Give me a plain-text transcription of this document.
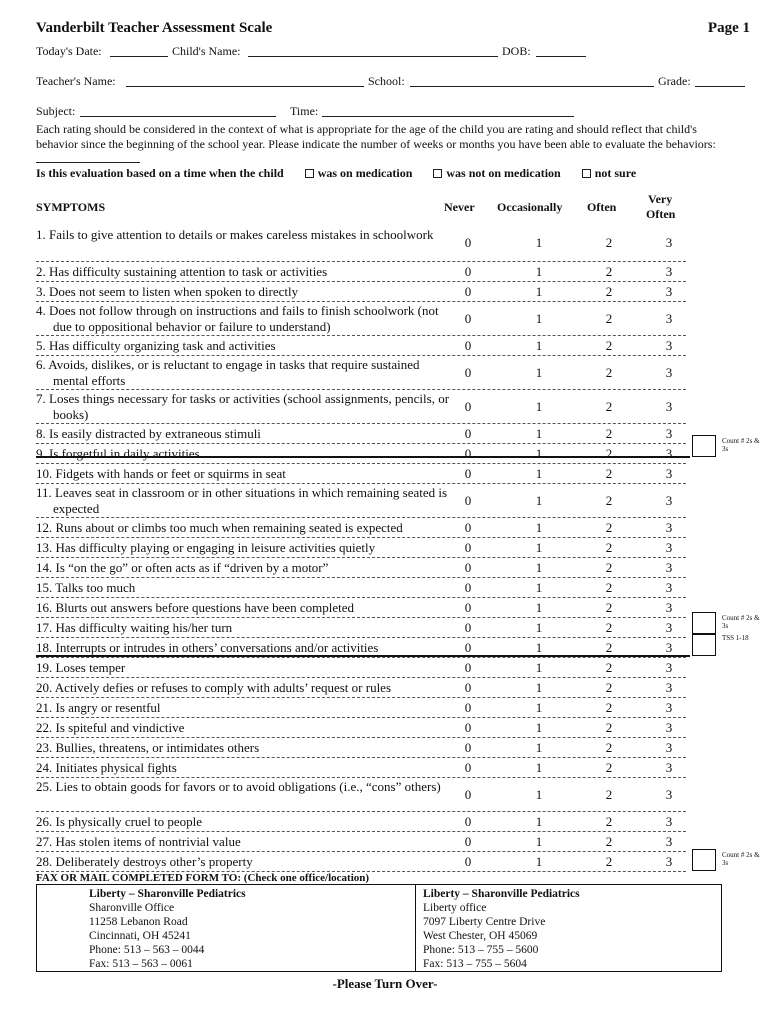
Vanderbilt Teacher Assessment Scale	Page 1
Today's Date:	Child's Name:	DOB:
Teacher's Name:	School:	Grade:
Subject:	Time:
Each rating should be considered in the context of what is appropriate for the age of the child you are rating and should reflect that child's behavior since the beginning of the school year. Please indicate the number of weeks or months you have been able to evaluate the behaviors:
Is this evaluation based on a time when the child	was on medication	was not on medication	not sure
SYMPTOMS	Never Occasionally Often
Very
Often
1. Fails to give attention to details or makes careless mistakes in schoolwork
0	1	2	3
2. Has difficulty sustaining attention to task or activities	0	1	2	3
3. Does not seem to listen when spoken to directly	0	1	2	3
4. Does not follow through on instructions and fails to finish schoolwork (not due to oppositional behavior or failure to understand)
0	1	2	3
5. Has difficulty organizing task and activities	0	1	2	3
6. Avoids, dislikes, or is reluctant to engage in tasks that require sustained mental efforts
0	1	2	3
7. Loses things necessary for tasks or activities (school assignments, pencils, or books)
0	1	2	3
8. Is easily distracted by extraneous stimuli	0	1	2	3
9. Is forgetful in daily activities	0	1	2	3
10. Fidgets with hands or feet or squirms in seat	0	1	2	3
11. Leaves seat in classroom or in other situations in which remaining seated is expected
0	1	2	3
12. Runs about or climbs too much when remaining seated is expected	0	1	2	3
13. Has difficulty playing or engaging in leisure activities quietly	0	1	2	3
14. Is “on the go” or often acts as if “driven by a motor”	0	1	2	3
15. Talks too much	0	1	2	3
16. Blurts out answers before questions have been completed	0	1	2	3
17. Has difficulty waiting his/her turn	0	1	2	3
18. Interrupts or intrudes in others’ conversations and/or activities	0	1	2	3
19. Loses temper	0	1	2	3
20. Actively defies or refuses to comply with adults’ request or rules	0	1	2	3
21. Is angry or resentful	0	1	2	3
22. Is spiteful and vindictive	0	1	2	3
23. Bullies, threatens, or intimidates others	0	1	2	3
24. Initiates physical fights	0	1	2	3
25. Lies to obtain goods for favors or to avoid obligations (i.e., “cons” others)
0	1	2	3
26. Is physically cruel to people	0	1	2	3
27. Has stolen items of nontrivial value	0	1	2	3
28. Deliberately destroys other’s property	0	1	2	3
Count # 2s & 3s
Count # 2s & 3s
TSS 1-18
Count # 2s & 3s
FAX OR MAIL COMPLETED FORM TO: (Check one office/location)
Liberty – Sharonville Pediatrics
Sharonville Office
11258 Lebanon Road
Cincinnati, OH 45241
Phone: 513 – 563 – 0044
Fax: 513 – 563 – 0061
Liberty – Sharonville Pediatrics
Liberty office
7097 Liberty Centre Drive
West Chester, OH 45069
Phone: 513 – 755 – 5600
Fax: 513 – 755 – 5604
-Please Turn Over-
